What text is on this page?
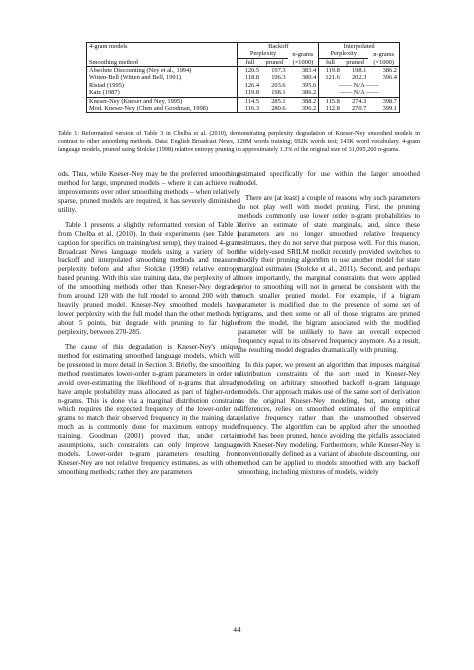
4-gram models	Backoff			Interpolated		
	Perplexity		n-grams	Perplexity		n-grams
Smoothing method	full	pruned	(×1000)	full	pruned	(×1000)
Absolute Discounting (Ney et al., 1994)	120.5	197.3	383.4	119.8	198.1	386.2
Witten-Bell (Witten and Bell, 1991)	118.8	196.3	380.4	121.6	202.3	396.4
Ristad (1995)	126.4	203.6	395.6	—— N/A ——		
Katz (1987)	119.8	198.1	386.2	—— N/A ——		
Kneser-Ney (Kneser and Ney, 1995)	114.5	285.1	388.2	115.8	274.3	398.7
Mod. Kneser-Ney (Chen and Goodman, 1998)	116.3	280.6	396.2	112.8	270.7	399.1
Table 1: Reformatted version of Table 3 in Chelba et al. (2010), demonstrating perplexity degradation of Kneser-Ney smoothed models in contrast to other smoothing methods. Data: English Broadcast News, 128M words training; 692K words test; 143K word vocabulary. 4-gram language models, pruned using Stolcke (1998) relative entropy pruning to approximately 1.3% of the original size of 31,095,260 n-grams.

ods. Thus, while Kneser-Ney may be the preferred smoothing method for large, unpruned models – where it can achieve real improvements over other smoothing methods – when relatively sparse, pruned models are required, it has severely diminished utility.

Table 1 presents a slightly reformatted version of Table 3 from Chelba et al. (2010). In their experiments (see Table 1 caption for specifics on training/test setup), they trained 4-gram Broadcast News language models using a variety of both backoff and interpolated smoothing methods and measured perplexity before and after Stolcke (1998) relative entropy based pruning. With this size training data, the perplexity of all of the smoothing methods other than Kneser-Ney degrades from around 120 with the full model to around 200 with the heavily pruned model. Kneser-Ney smoothed models have lower perplexity with the full model than the other methods by about 5 points, but degrade with pruning to far higher perplexity, between 270-285.

The cause of this degradation is Kneser-Ney's unique method for estimating smoothed language models, which will be presented in more detail in Section 3. Briefly, the smoothing method reestimates lower-order n-gram parameters in order to avoid over-estimating the likelihood of n-grams that already have ample probability mass allocated as part of higher-order n-grams. This is done via a marginal distribution constraint which requires the expected frequency of the lower-order n-grams to match their observed frequency in the training data, much as is commonly done for maximum entropy model training. Goodman (2001) proved that, under certain assumptions, such constraints can only improve language models. Lower-order n-gram parameters resulting from Kneser-Ney are not relative frequency estimates, as with other smoothing methods; rather they are parameters

estimated specifically for use within the larger smoothed model.

There are (at least) a couple of reasons why such parameters do not play well with model pruning. First, the pruning methods commonly use lower order n-gram probabilities to derive an estimate of state marginals, and, since these parameters are no longer smoothed relative frequency estimates, they do not serve that purpose well. For this reason, the widely-used SRILM toolkit recently provided switches to modify their pruning algorithm to use another model for state marginal estimates (Stolcke et al., 2011). Second, and perhaps more importantly, the marginal constraints that were applied prior to smoothing will not in general be consistent with the much smaller pruned model. For example, if a bigram parameter is modified due to the presence of some set of trigrams, and then some or all of those trigrams are pruned from the model, the bigram associated with the modified parameter will be unlikely to have an overall expected frequency equal to its observed frequency anymore. As a result, the resulting model degrades dramatically with pruning.

In this paper, we present an algorithm that imposes marginal distribution constraints of the sort used in Kneser-Ney modeling on arbitrary smoothed backoff n-gram language models. Our approach makes use of the same sort of derivation as the original Kneser-Ney modeling, but, among other differences, relies on smoothed estimates of the empirical relative frequency rather than the unsmoothed observed frequency. The algorithm can be applied after the smoothed model has been pruned, hence avoiding the pitfalls associated with Kneser-Ney modeling. Furthermore, while Kneser-Ney is conventionally defined as a variant of absolute discounting, our method can be applied to models smoothed with any backoff smoothing, including mixtures of models, widely

44
